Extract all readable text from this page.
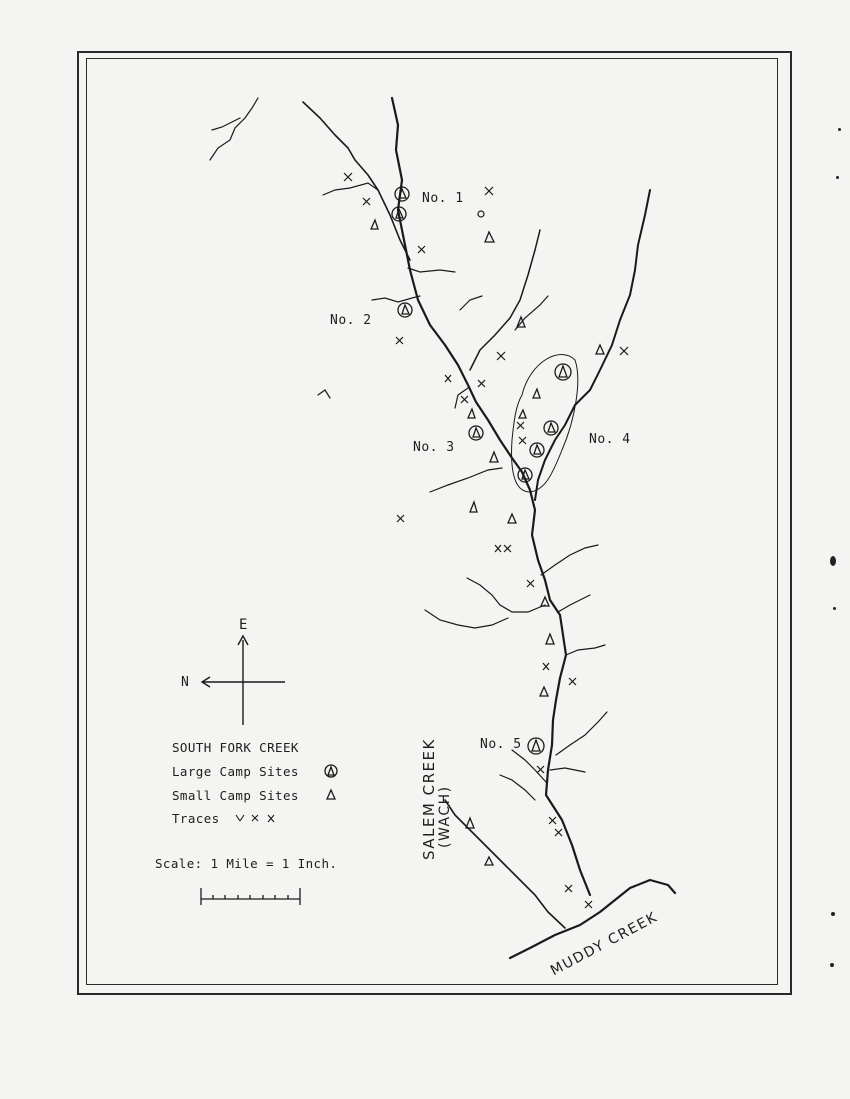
No. 1
No. 2
No. 3
No. 4
No. 5
E
N
SALEM CREEK (WACH)
MUDDY CREEK
SOUTH FORK CREEK
Large Camp Sites
Small Camp Sites
Traces
Scale: 1 Mile = 1 Inch.
